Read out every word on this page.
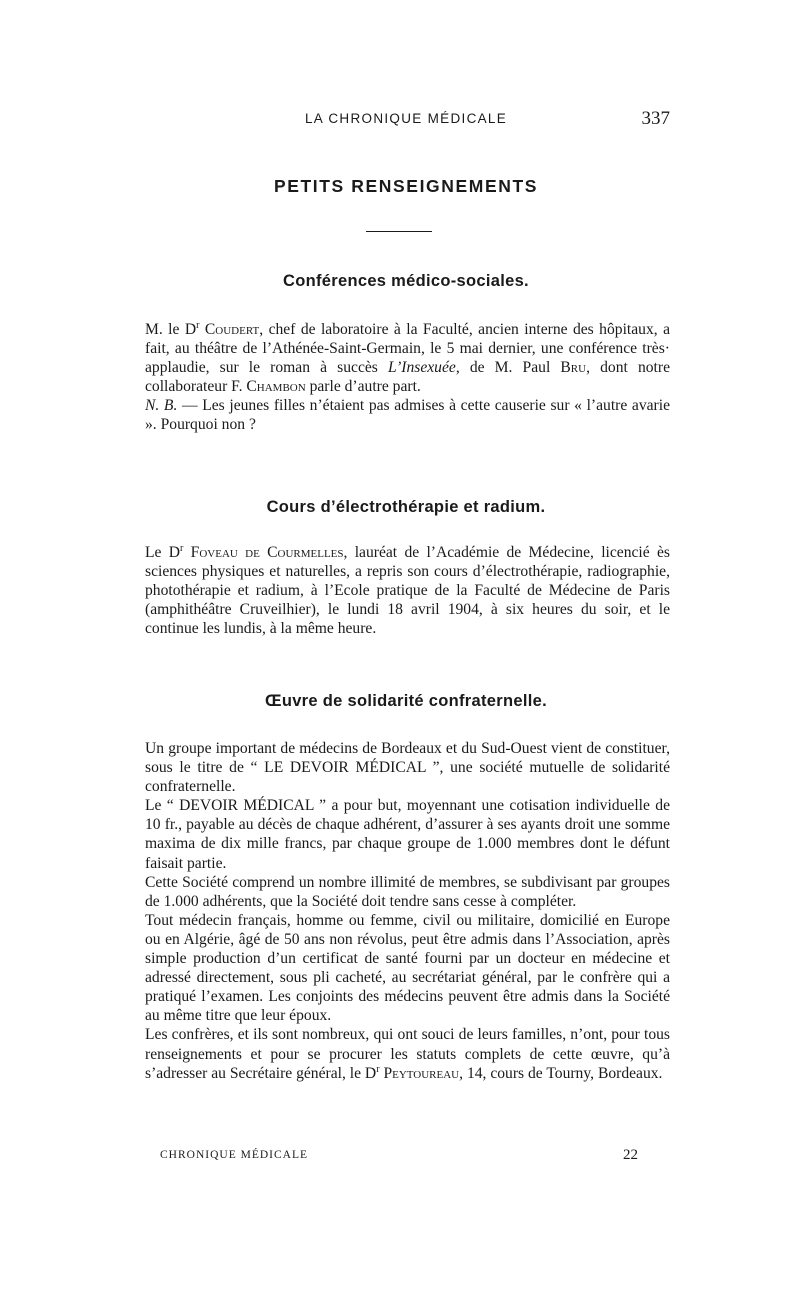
LA CHRONIQUE MÉDICALE	337
PETITS RENSEIGNEMENTS
Conférences médico-sociales.

M. le $D^r$ Coudert, chef de laboratoire à la Faculté, ancien interne des hôpitaux, a fait, au théâtre de l’Athénée-Saint-Germain, le 5 mai dernier, une conférence très· applaudie, sur le roman à succès L’Insexuée, de M. Paul Bru, dont notre collaborateur F. Chambon parle d’autre part.

N. B. — Les jeunes filles n’étaient pas admises à cette causerie sur « l’autre avarie ». Pourquoi non ?

Cours d’électrothérapie et radium.

Le $D^r$ Foveau de Courmelles, lauréat de l’Académie de Médecine, licencié ès sciences physiques et naturelles, a repris son cours d’électrothérapie, radiographie, photothérapie et radium, à l’Ecole pratique de la Faculté de Médecine de Paris (amphithéâtre Cruveilhier), le lundi 18 avril 1904, à six heures du soir, et le continue les lundis, à la même heure.

Œuvre de solidarité confraternelle.

Un groupe important de médecins de Bordeaux et du Sud-Ouest vient de constituer, sous le titre de “ LE DEVOIR MÉDICAL ”, une société mutuelle de solidarité confraternelle.

Le “ DEVOIR MÉDICAL ” a pour but, moyennant une cotisation individuelle de 10 fr., payable au décès de chaque adhérent, d’assurer à ses ayants droit une somme maxima de dix mille francs, par chaque groupe de 1.000 membres dont le défunt faisait partie.

Cette Société comprend un nombre illimité de membres, se subdivisant par groupes de 1.000 adhérents, que la Société doit tendre sans cesse à compléter.

Tout médecin français, homme ou femme, civil ou militaire, domicilié en Europe ou en Algérie, âgé de 50 ans non révolus, peut être admis dans l’Association, après simple production d’un certificat de santé fourni par un docteur en médecine et adressé directement, sous pli cacheté, au secrétariat général, par le confrère qui a pratiqué l’examen. Les conjoints des médecins peuvent être admis dans la Société au même titre que leur époux.

Les confrères, et ils sont nombreux, qui ont souci de leurs familles, n’ont, pour tous renseignements et pour se procurer les statuts complets de cette œuvre, qu’à s’adresser au Secrétaire général, le $D^r$ Peytoureau, 14, cours de Tourny, Bordeaux.

CHRONIQUE MÉDICALE	22
